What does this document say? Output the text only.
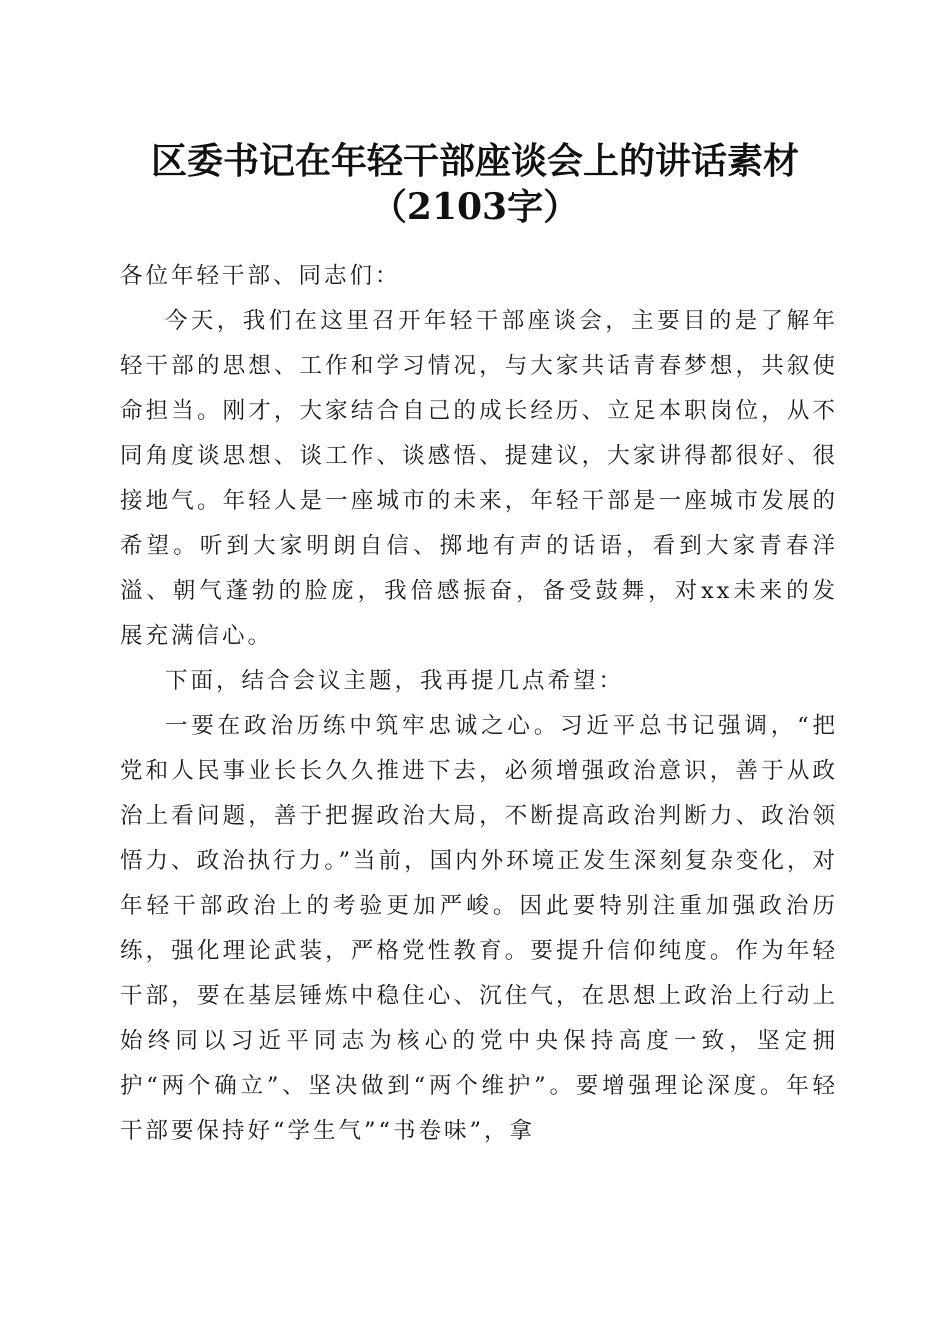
区委书记在年轻干部座谈会上的讲话素材
（2103字）

各位年轻干部、同志们：

今天，我们在这里召开年轻干部座谈会，主要目的是了解年轻干部的思想、工作和学习情况，与大家共话青春梦想，共叙使命担当。刚才，大家结合自己的成长经历、立足本职岗位，从不同角度谈思想、谈工作、谈感悟、提建议，大家讲得都很好、很接地气。年轻人是一座城市的未来，年轻干部是一座城市发展的希望。听到大家明朗自信、掷地有声的话语，看到大家青春洋溢、朝气蓬勃的脸庞，我倍感振奋，备受鼓舞，对xx未来的发展充满信心。

下面，结合会议主题，我再提几点希望：

一要在政治历练中筑牢忠诚之心。习近平总书记强调，“把党和人民事业长长久久推进下去，必须增强政治意识，善于从政治上看问题，善于把握政治大局，不断提高政治判断力、政治领悟力、政治执行力。”当前，国内外环境正发生深刻复杂变化，对年轻干部政治上的考验更加严峻。因此要特别注重加强政治历练，强化理论武装，严格党性教育。要提升信仰纯度。作为年轻干部，要在基层锤炼中稳住心、沉住气，在思想上政治上行动上始终同以习近平同志为核心的党中央保持高度一致，坚定拥护“两个确立”、坚决做到“两个维护”。要增强理论深度。年轻干部要保持好“学生气”“书卷味”，拿
